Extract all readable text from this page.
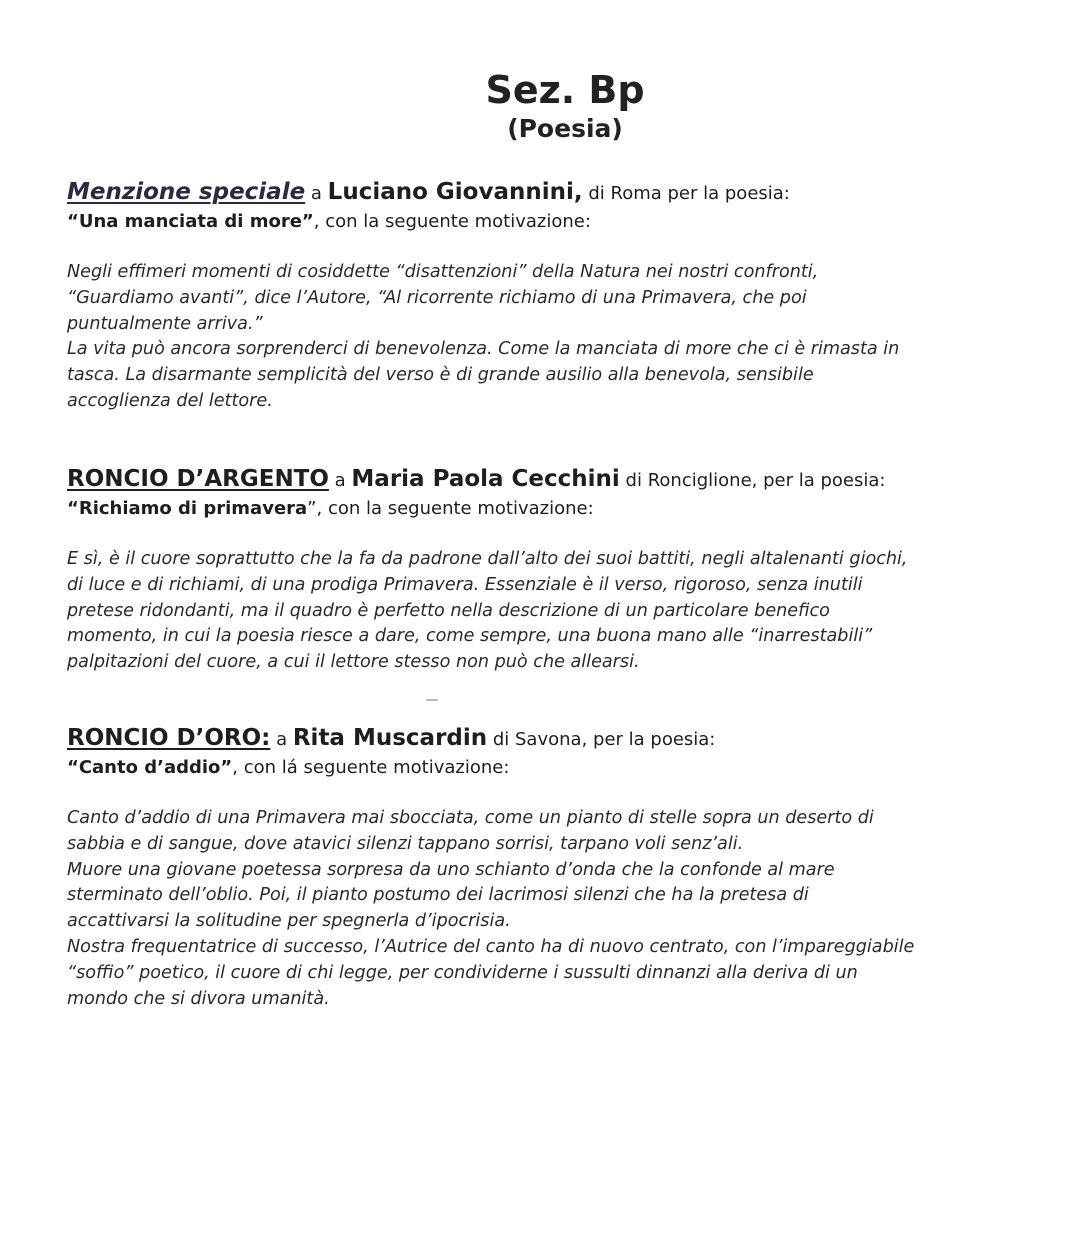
Sez. Bp
(Poesia)

Menzione speciale a Luciano Giovannini, di Roma per la poesia:

“Una manciata di more”, con la seguente motivazione:

Negli effimeri momenti di cosiddette “disattenzioni” della Natura nei nostri confronti,

“Guardiamo avanti”, dice l’Autore, “Al ricorrente richiamo di una Primavera, che poi

puntualmente arriva.”

La vita può ancora sorprenderci di benevolenza. Come la manciata di more che ci è rimasta in

tasca. La disarmante semplicità del verso è di grande ausilio alla benevola, sensibile

accoglienza del lettore.

RONCIO D’ARGENTO a Maria Paola Cecchini di Ronciglione, per la poesia:

“Richiamo di primavera”, con la seguente motivazione:

E sì, è il cuore soprattutto che la fa da padrone dall’alto dei suoi battiti, negli altalenanti giochi,

di luce e di richiami, di una prodiga Primavera. Essenziale è il verso, rigoroso, senza inutili

pretese ridondanti, ma il quadro è perfetto nella descrizione di un particolare benefico

momento, in cui la poesia riesce a dare, come sempre, una buona mano alle “inarrestabili”

palpitazioni del cuore, a cui il lettore stesso non può che allearsi.

RONCIO D’ORO: a Rita Muscardin di Savona, per la poesia:

“Canto d’addio”, con lá seguente motivazione:

Canto d’addio di una Primavera mai sbocciata, come un pianto di stelle sopra un deserto di

sabbia e di sangue, dove atavici silenzi tappano sorrisi, tarpano voli senz’ali.

Muore una giovane poetessa sorpresa da uno schianto d’onda che la confonde al mare

sterminato dell’oblio. Poi, il pianto postumo dei lacrimosi silenzi che ha la pretesa di

accattivarsi la solitudine per spegnerla d’ipocrisia.

Nostra frequentatrice di successo, l’Autrice del canto ha di nuovo centrato, con l’impareggiabile

“soffio” poetico, il cuore di chi legge, per condividerne i sussulti dinnanzi alla deriva di un

mondo che si divora umanità.
